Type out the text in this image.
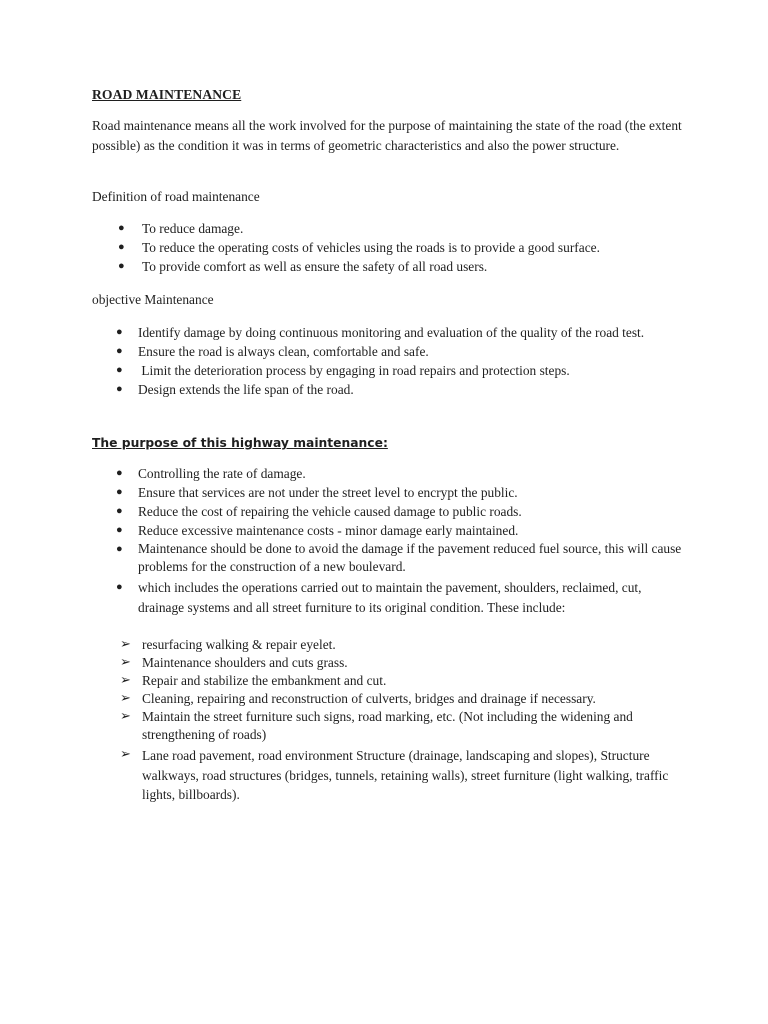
ROAD MAINTENANCE
Road maintenance means all the work involved for the purpose of maintaining the state of the road (the extent possible) as the condition it was in terms of geometric characteristics and also the power structure.
Definition of road maintenance
● To reduce damage.
● To reduce the operating costs of vehicles using the roads is to provide a good surface.
● To provide comfort as well as ensure the safety of all road users.
objective Maintenance
● Identify damage by doing continuous monitoring and evaluation of the quality of the road test.
● Ensure the road is always clean, comfortable and safe.
● Limit the deterioration process by engaging in road repairs and protection steps.
● Design extends the life span of the road.
The purpose of this highway maintenance:
● Controlling the rate of damage.
● Ensure that services are not under the street level to encrypt the public.
● Reduce the cost of repairing the vehicle caused damage to public roads.
● Reduce excessive maintenance costs - minor damage early maintained.
● Maintenance should be done to avoid the damage if the pavement reduced fuel source, this will cause problems for the construction of a new boulevard.
● which includes the operations carried out to maintain the pavement, shoulders, reclaimed, cut, drainage systems and all street furniture to its original condition. These include:
➢ resurfacing walking & repair eyelet.
➢ Maintenance shoulders and cuts grass.
➢ Repair and stabilize the embankment and cut.
➢ Cleaning, repairing and reconstruction of culverts, bridges and drainage if necessary.
➢ Maintain the street furniture such signs, road marking, etc. (Not including the widening and strengthening of roads)
➢ Lane road pavement, road environment Structure (drainage, landscaping and slopes), Structure walkways, road structures (bridges, tunnels, retaining walls), street furniture (light walking, traffic lights, billboards).
